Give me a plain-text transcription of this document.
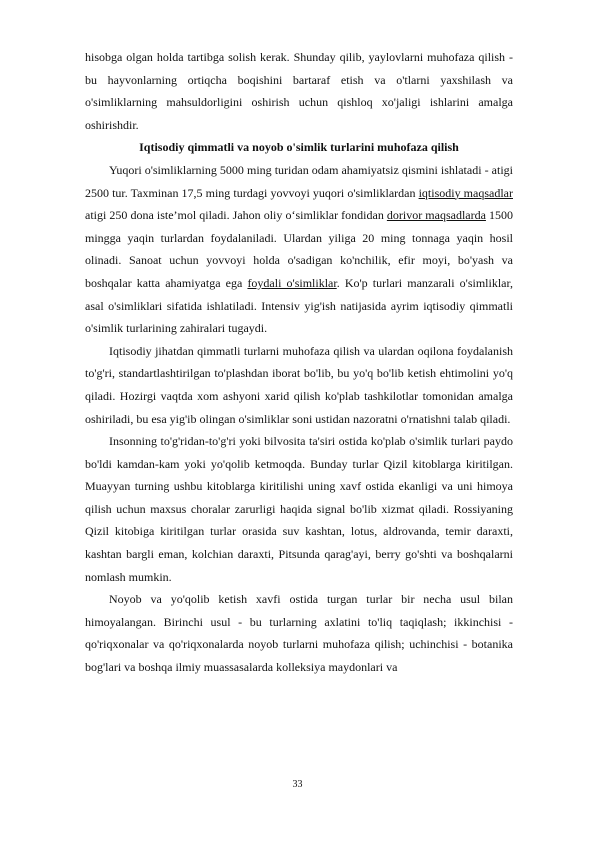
hisobga olgan holda tartibga solish kerak. Shunday qilib, yaylovlarni muhofaza qilish - bu hayvonlarning ortiqcha boqishini bartaraf etish va o'tlarni yaxshilash va o'simliklarning mahsuldorligini oshirish uchun qishloq xo'jaligi ishlarini amalga oshirishdir.

Iqtisodiy qimmatli va noyob o'simlik turlarini muhofaza qilish

Yuqori o'simliklarning 5000 ming turidan odam ahamiyatsiz qismini ishlatadi - atigi 2500 tur. Taxminan 17,5 ming turdagi yovvoyi yuqori o'simliklardan iqtisodiy maqsadlar atigi 250 dona iste’mol qiladi. Jahon oliy o‘simliklar fondidan dorivor maqsadlarda 1500 mingga yaqin turlardan foydalaniladi. Ulardan yiliga 20 ming tonnaga yaqin hosil olinadi. Sanoat uchun yovvoyi holda o'sadigan ko'nchilik, efir moyi, bo'yash va boshqalar katta ahamiyatga ega foydali o'simliklar. Ko'p turlari manzarali o'simliklar, asal o'simliklari sifatida ishlatiladi. Intensiv yig'ish natijasida ayrim iqtisodiy qimmatli o'simlik turlarining zahiralari tugaydi.

Iqtisodiy jihatdan qimmatli turlarni muhofaza qilish va ulardan oqilona foydalanish to'g'ri, standartlashtirilgan to'plashdan iborat bo'lib, bu yo'q bo'lib ketish ehtimolini yo'q qiladi. Hozirgi vaqtda xom ashyoni xarid qilish ko'plab tashkilotlar tomonidan amalga oshiriladi, bu esa yig'ib olingan o'simliklar soni ustidan nazoratni o'rnatishni talab qiladi.

Insonning to'g'ridan-to'g'ri yoki bilvosita ta'siri ostida ko'plab o'simlik turlari paydo bo'ldi kamdan-kam yoki yo'qolib ketmoqda. Bunday turlar Qizil kitoblarga kiritilgan. Muayyan turning ushbu kitoblarga kiritilishi uning xavf ostida ekanligi va uni himoya qilish uchun maxsus choralar zarurligi haqida signal bo'lib xizmat qiladi. Rossiyaning Qizil kitobiga kiritilgan turlar orasida suv kashtan, lotus, aldrovanda, temir daraxti, kashtan bargli eman, kolchian daraxti, Pitsunda qarag'ayi, berry go'shti va boshqalarni nomlash mumkin.

Noyob va yo'qolib ketish xavfi ostida turgan turlar bir necha usul bilan himoyalangan. Birinchi usul - bu turlarning axlatini to'liq taqiqlash; ikkinchisi - qo'riqxonalar va qo'riqxonalarda noyob turlarni muhofaza qilish; uchinchisi - botanika bog'lari va boshqa ilmiy muassasalarda kolleksiya maydonlari va

33
